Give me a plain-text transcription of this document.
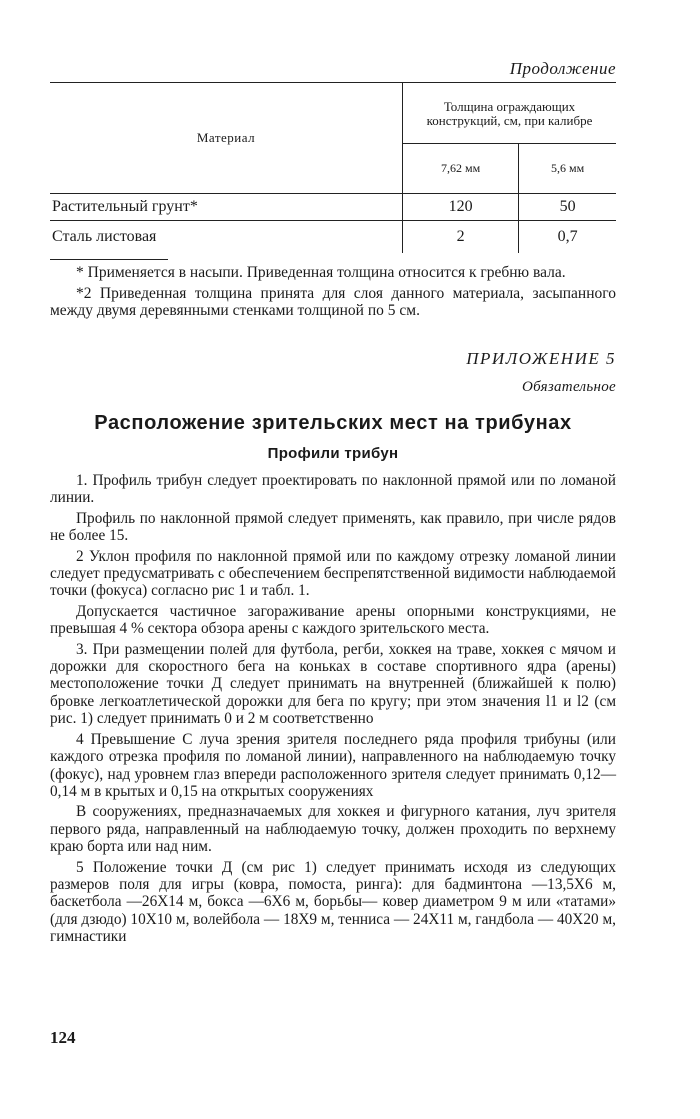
Продолжение
Материал	Толщина ограждающих конструкций, см, при калибре	
	7,62 мм	5,6 мм
Растительный грунт*	120	50
Сталь листовая	2	0,7

* Применяется в насыпи. Приведенная толщина относится к гребню вала.

*2 Приведенная толщина принята для слоя данного материала, засыпанного между двумя деревянными стенками толщиной по 5 см.

ПРИЛОЖЕНИЕ 5
Обязательное
Расположение зрительских мест на трибунах
Профили трибун

1. Профиль трибун следует проектировать по наклонной прямой или по ломаной линии.

Профиль по наклонной прямой следует применять, как правило, при числе рядов не более 15.

2 Уклон профиля по наклонной прямой или по каждому отрезку ломаной линии следует предусматривать с обеспечением беспрепятственной видимости наблюдаемой точки (фокуса) согласно рис 1 и табл. 1.

Допускается частичное загораживание арены опорными конструкциями, не превышая 4 % сектора обзора арены с каждого зрительского места.

3. При размещении полей для футбола, регби, хоккея на траве, хоккея с мячом и дорожки для скоростного бега на коньках в составе спортивного ядра (арены) местоположение точки Д следует принимать на внутренней (ближайшей к полю) бровке легкоатлетической дорожки для бега по кругу; при этом значения l1 и l2 (см рис. 1) следует принимать 0 и 2 м соответственно

4 Превышение С луча зрения зрителя последнего ряда профиля трибуны (или каждого отрезка профиля по ломаной линии), направленного на наблюдаемую точку (фокус), над уровнем глаз впереди расположенного зрителя следует принимать 0,12—0,14 м в крытых и 0,15 на открытых сооружениях

В сооружениях, предназначаемых для хоккея и фигурного катания, луч зрителя первого ряда, направленный на наблюдаемую точку, должен проходить по верхнему краю борта или над ним.

5 Положение точки Д (см рис 1) следует принимать исходя из следующих размеров поля для игры (ковра, помоста, ринга): для бадминтона —13,5Х6 м, баскетбола —26Х14 м, бокса —6Х6 м, борьбы— ковер диаметром 9 м или «татами» (для дзюдо) 10Х10 м, волейбола — 18Х9 м, тенниса — 24Х11 м, гандбола — 40Х20 м, гимнастики

124
